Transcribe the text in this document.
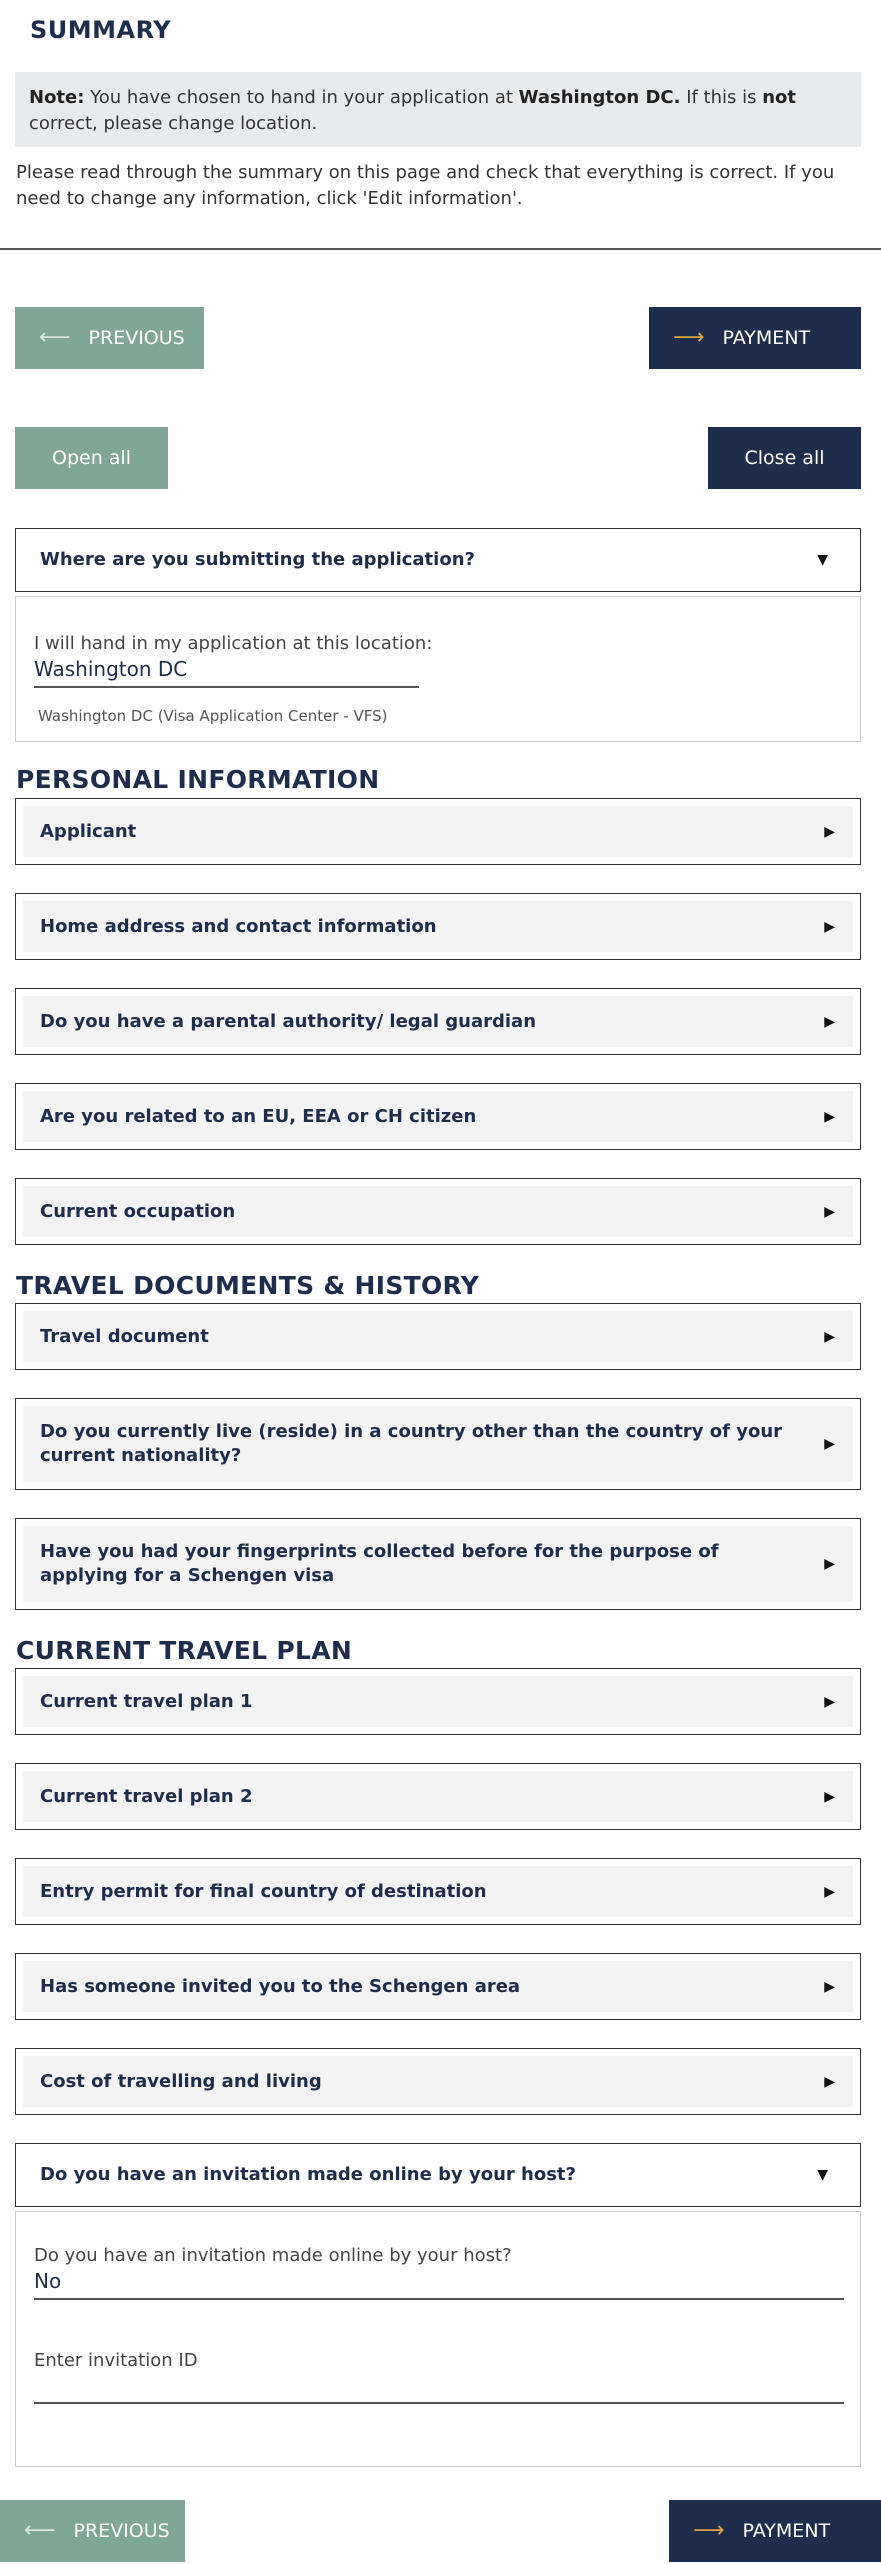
SUMMARY
Note: You have chosen to hand in your application at Washington DC. If this is not correct, please change location.
Please read through the summary on this page and check that everything is correct. If you need to change any information, click 'Edit information'.
⟵ PREVIOUS	⟶ PAYMENT
Open all	Close all
Where are you submitting the application?	▼
I will hand in my application at this location:
Washington DC
Washington DC (Visa Application Center - VFS)
PERSONAL INFORMATION
Applicant	▶
Home address and contact information	▶
Do you have a parental authority/ legal guardian	▶
Are you related to an EU, EEA or CH citizen	▶
Current occupation	▶
TRAVEL DOCUMENTS & HISTORY
Travel document	▶
Do you currently live (reside) in a country other than the country of your current nationality?
▶
Have you had your fingerprints collected before for the purpose of applying for a Schengen visa
▶
CURRENT TRAVEL PLAN
Current travel plan 1	▶
Current travel plan 2	▶
Entry permit for final country of destination	▶
Has someone invited you to the Schengen area	▶
Cost of travelling and living	▶
Do you have an invitation made online by your host?	▼
Do you have an invitation made online by your host?
No
Enter invitation ID
⟵ PREVIOUS	⟶ PAYMENT
